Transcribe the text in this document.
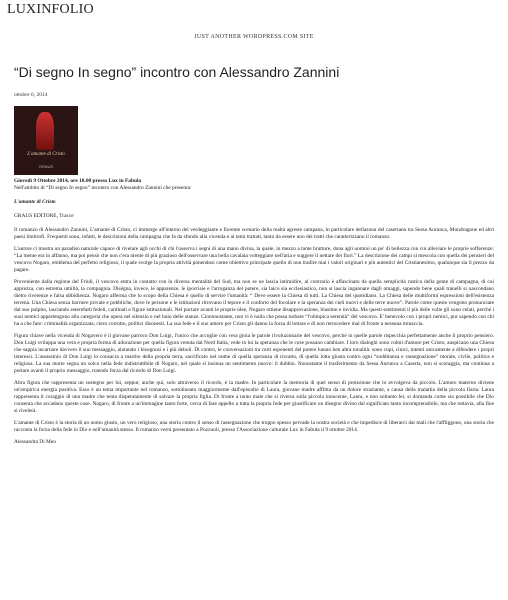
LUXINFOLIO
JUST ANOTHER WORDPRESS.COM SITE
“Di segno In segno” incontro con Alessandro Zannini
ottobre 6, 2014
L'amante di Cristo
GRAUS

Giovedì 9 Ottobre 2014, ore 18.00 presso Lux in Fabula

Nell'ambito di “Di segno In segno” incontro con Alessandro Zannini che presenta:

L'amante di Cristo

GRAUS EDITORE, Tracce

Il romanzo di Alessandro Zannini, L'amante di Cristo, ci immerge all'interno del verdeggiante e fiorente scenario della realtà agreste campana, in particolare dellazona del casertano tra Sessa Aurunca, Mondragone ed altri paesi limitrofi. Frequenti sono, infatti, le descrizioni della campagna che fa da sfondo alla vicenda e ai temi trattati, tanto da essere uno dei tratti che caratterizzano il romanzo.

L'autore ci mostra un paradiso naturale capace di rivelare agli occhi di chi l'osserva i segni di una mano divina, la quale, in mezzo a tante brutture, dona agli uomini un po' di bellezza con cui alleviare le proprie sofferenze: “La mente era in affanno, ma poi pensò che non c'era niente di più grazioso dell'osservare una bella cavalaia volteggiare nell'aria e suggere il nettare dei fiori.” La descrizione dei campi si mescola con quella dei pensieri del vescovo Nogaro, emblema del perfetto religioso, il quale svolge la propria attività ponendosi come obiettivo principale quello di non tradire mai i valori originari e più autentici del Cristianesimo, qualunque sia il prezzo da pagare.

Proveniente dalla regione del Friuli, il vescovo entra in contatto con la diversa mentalità del Sud, ma non se ne lascia intimidire, al contrario è affascinato da quella semplicità rustica della gente di campagna, di cui apprezza, con estrema umiltà, la compagnia. Diségna, invece, le apparenze, le ipocrisie e l'arroganza del potere, sia laico sia ecclesiastico, non si lascia ingannare dagli omaggi, sapendo bene quali tranelli si nascondano dietro riverenze e falsa ubbidienza. Nogaro afferma che lo scopo della Chiesa è quello di servire l'umanità: “ Deve essere la Chiesa di tutti. La Chiesa del quotidiano. La Chiesa delle multiformi espressioni dell'esistenza terrena. Una Chiesa senza barriere private e pubbliche, dove le persone e le istituzioni ritrovano il tepore e il conforto del focolare e la speranza dei cieli nuovi e delle terre nuove”. Parole come queste vengono pronunciate dal suo pulpito, lasciando esterefatti fedeli, cardinali e figure istituzionali. Nel portare avanti le proprie idee, Nogaro ottiene disapprovazione, biasimo e invidia. Ma questi sentimenti il più delle volte gli sono celati, perché i suoi nemici appartengono alla categoria che opera nel silenzio e nel buio delle stanze. Ciononostante, non vi è nulla che possa turbare “l'olimpica serenità” del vescovo. E' benevolo con i propri nemici, pur sapendo con chi ha a che fare: criminalità organizzata, clero corrotto, politici disonesti. La sua fede e il suo amore per Cristo gli danno la forza di lottare e di non retrocedere mai di fronte a nessuna minaccia.

Figura chiave nella vicenda di Nogavero è il giovane parroco Don Luigi, l'unico che accoglie con vera gioia le parole rivoluzionarie del vescovo, perché in quelle parole rispecchia perfettamente anche il proprio pensiero. Don Luigi sviluppa una vera e propria forma di adorazione per quella figura venuta dal Nord Italia, vede in lui la speranza che le cose possano cambiare. I loro dialoghi sono colmi d'amore per Cristo, auspicano una Chiesa che sappia incarnare davvero il suo messaggio, aiutando i bisognosi e i più deboli. Di contro, le conversazioni tra certi esponenti del potere hanno ben altra tonalità: sono cupi, cinici, intenti unicamente a difendere i propri interessi. L'assassinio di Don Luigi lo consacra a martire della propria terra, sacrificato nel nome di quella speranza di riscatto, di quella lotta giusta contro ogni “sudditanza e rassegnazione” morale, civile, politica e religiosa. La sua morte segna un solco nella fede indistruttibile di Nogaro, nel quale si insinua un sentimento nuovo: il dubbio. Nonostante il trasferimento da Sessa Aurunca a Caserta, non si scoraggia, ma continua a portare avanti il proprio messaggio, traendo forza dal ricordo di Don Luigi.

Altra figura che rappresenta un sostegno per lui, seppur, anche qui, solo attraverso il ricordo, è la madre. In particolare la memoria di quel senso di protezione che lo avvolgeva da piccolo. L'amore materno diviene un'empirica energia positiva. Esso è un tema importante nel romanzo, sottolineato maggiormente dall'episodio di Laura, giovane madre afflitta da un dolore straziante, a causa della malattia della piccola Ilaria. Laura rappresenta il coraggio di una madre che tenta disperatamente di salvare la propria figlia. Di fronte a tanto male che si riversa sulla piccola innocente, Laura, e non soltanto lei, si domanda come sia possibile che Dio consenta che accadano queste cose. Nogaro, di fronte a un'immagine tanto forte, cerca di fare appello a tutta la propria fede per giustificare un disegno divino dal significato tanto incomprensibile, ma che tuttavia, alla fine si rivelerà.

L'amante di Cristo è la storia di un uomo giusto, un vero religioso, una storia contro il senso di rassegnazione che troppo spesso pervade la nostra società e che impedisce di liberarci dai mali che l'affliggono, una storia che racconta la forza della fede in Dio e nell'umanità stessa. Il romanzo verrà presentato a Pozzuoli, presso l'Associazione culturale Lux in Fabula il 9 ottobre 2014.

Alessandra Di Meo
